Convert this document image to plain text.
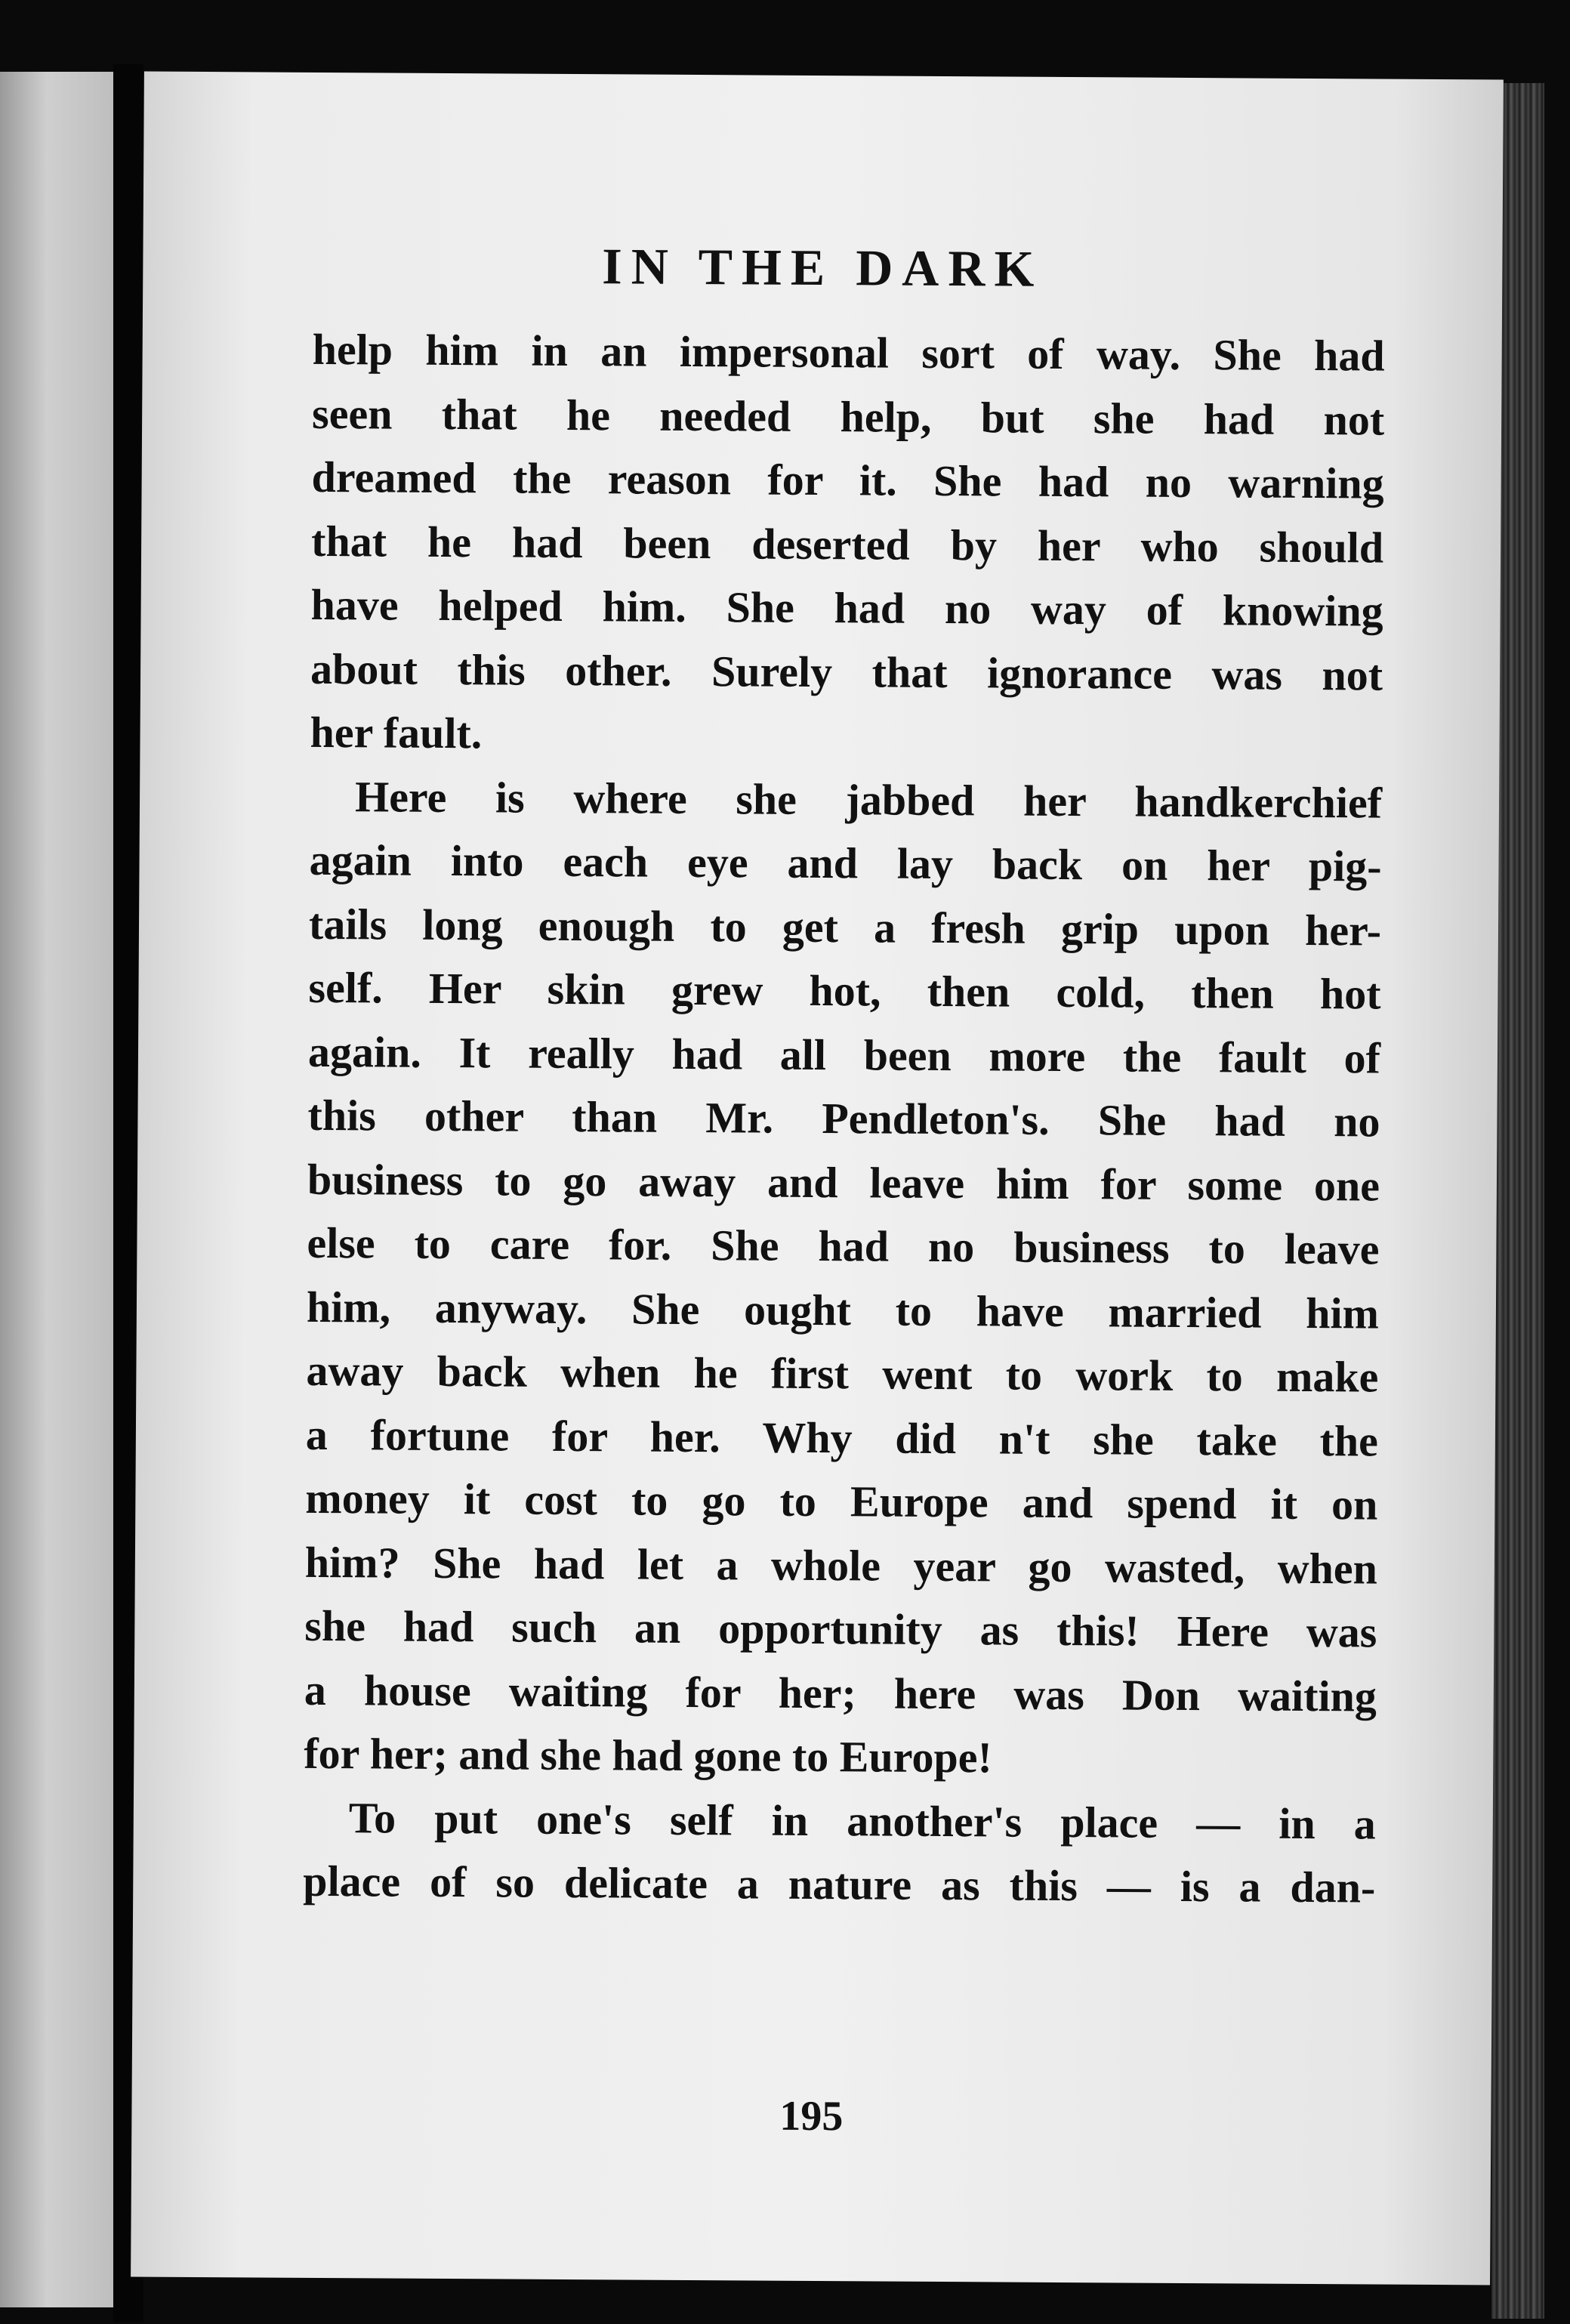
IN THE DARK
help him in an impersonal sort of way. She had
seen that he needed help, but she had not
dreamed the reason for it. She had no warning
that he had been deserted by her who should
have helped him. She had no way of knowing
about this other. Surely that ignorance was not
her fault.
Here is where she jabbed her handkerchief
again into each eye and lay back on her pig-
tails long enough to get a fresh grip upon her-
self. Her skin grew hot, then cold, then hot
again. It really had all been more the fault of
this other than Mr. Pendleton's. She had no
business to go away and leave him for some one
else to care for. She had no business to leave
him, anyway. She ought to have married him
away back when he first went to work to make
a fortune for her. Why did n't she take the
money it cost to go to Europe and spend it on
him? She had let a whole year go wasted, when
she had such an opportunity as this! Here was
a house waiting for her; here was Don waiting
for her; and she had gone to Europe!
To put one's self in another's place — in a
place of so delicate a nature as this — is a dan-
195
